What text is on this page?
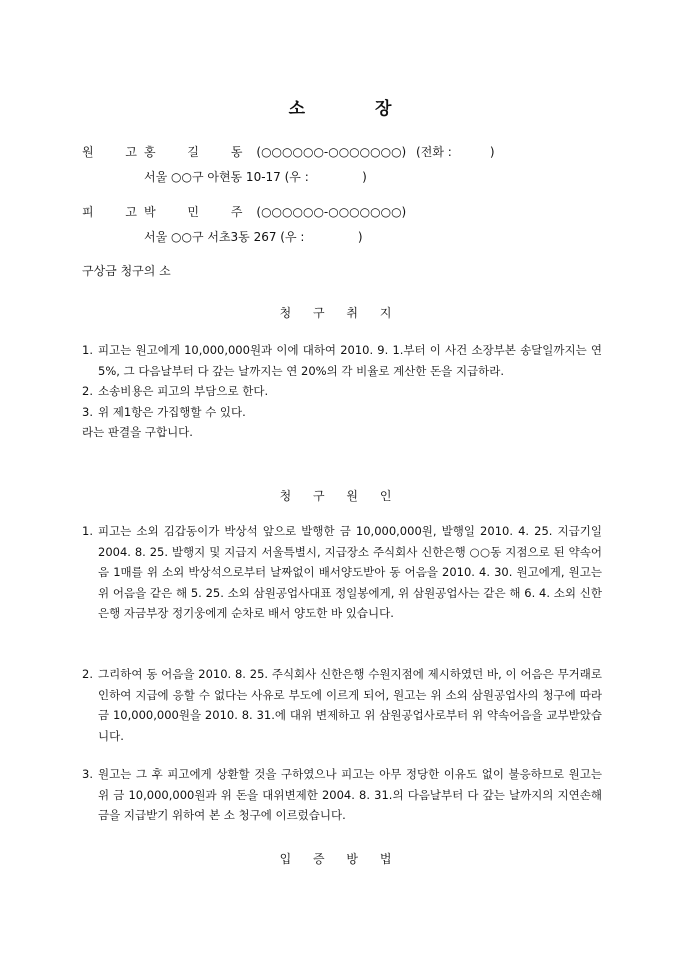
소	장
원 고홍 길 동(○○○○○○-○○○○○○○) (전화 :          )
서울 ○○구 아현동 10-17 (우 :              )
피 고박 민 주(○○○○○○-○○○○○○○)
서울 ○○구 서초3동 267 (우 :              )
구상금 청구의 소
청 구 취 지
1. 피고는 원고에게 10,000,000원과 이에 대하여 2010. 9. 1.부터 이 사건 소장부본 송달일까지는 연 5%, 그 다음날부터 다 갚는 날까지는 연 20%의 각 비율로 계산한 돈을 지급하라.
2. 소송비용은 피고의 부담으로 한다.
3. 위 제1항은 가집행할 수 있다.
라는 판결을 구합니다.
청 구 원 인
1. 피고는 소외 김갑동이가 박상석 앞으로 발행한 금 10,000,000원, 발행일 2010. 4. 25. 지급기일 2004. 8. 25. 발행지 및 지급지 서울특별시, 지급장소 주식회사 신한은행 ○○동 지점으로 된 약속어음 1매를 위 소외 박상석으로부터 날짜없이 배서양도받아 동 어음을 2010. 4. 30. 원고에게, 원고는 위 어음을 같은 해 5. 25. 소외 삼원공업사대표 정일봉에게, 위 삼원공업사는 같은 해 6. 4. 소외 신한은행 자금부장 정기웅에게 순차로 배서 양도한 바 있습니다.
2. 그리하여 동 어음을 2010. 8. 25. 주식회사 신한은행 수원지점에 제시하였던 바, 이 어음은 무거래로 인하여 지급에 응할 수 없다는 사유로 부도에 이르게 되어, 원고는 위 소외 삼원공업사의 청구에 따라 금 10,000,000원을 2010. 8. 31.에 대위 변제하고 위 삼원공업사로부터 위 약속어음을 교부받았습니다.
3. 원고는 그 후 피고에게 상환할 것을 구하였으나 피고는 아무 정당한 이유도 없이 불응하므로 원고는 위 금 10,000,000원과 위 돈을 대위변제한 2004. 8. 31.의 다음날부터 다 갚는 날까지의 지연손해금을 지급받기 위하여 본 소 청구에 이르렀습니다.
입 증 방 법
